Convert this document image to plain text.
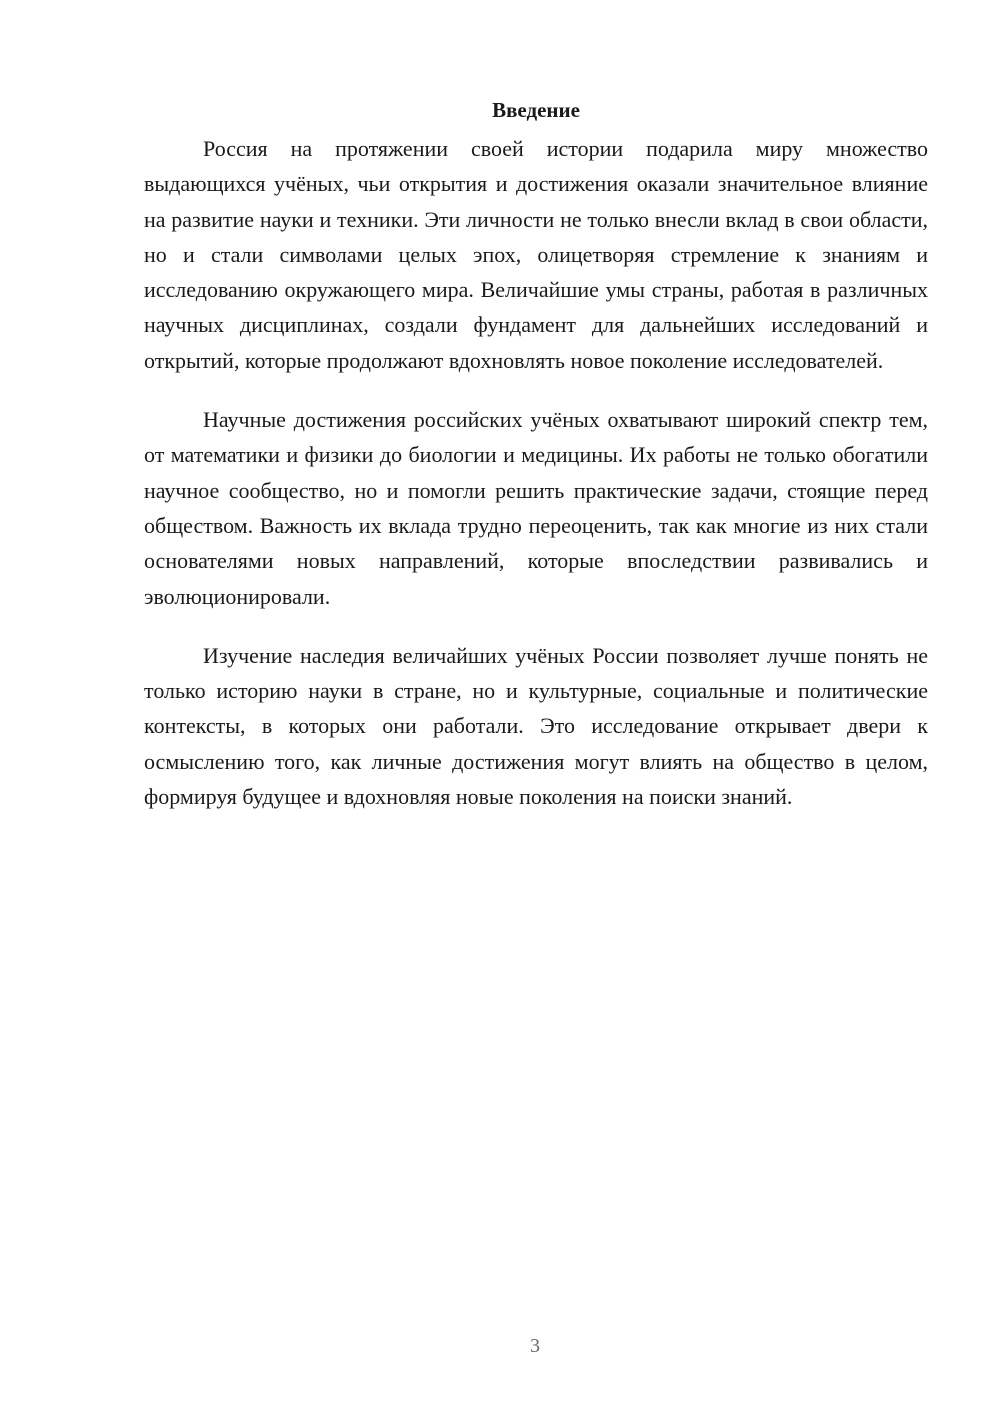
Введение

Россия на протяжении своей истории подарила миру множество выдающихся учёных, чьи открытия и достижения оказали значительное влияние на развитие науки и техники. Эти личности не только внесли вклад в свои области, но и стали символами целых эпох, олицетворяя стремление к знаниям и исследованию окружающего мира. Величайшие умы страны, работая в различных научных дисциплинах, создали фундамент для дальнейших исследований и открытий, которые продолжают вдохновлять новое поколение исследователей.

Научные достижения российских учёных охватывают широкий спектр тем, от математики и физики до биологии и медицины. Их работы не только обогатили научное сообщество, но и помогли решить практические задачи, стоящие перед обществом. Важность их вклада трудно переоценить, так как многие из них стали основателями новых направлений, которые впоследствии развивались и эволюционировали.

Изучение наследия величайших учёных России позволяет лучше понять не только историю науки в стране, но и культурные, социальные и политические контексты, в которых они работали. Это исследование открывает двери к осмыслению того, как личные достижения могут влиять на общество в целом, формируя будущее и вдохновляя новые поколения на поиски знаний.

3
